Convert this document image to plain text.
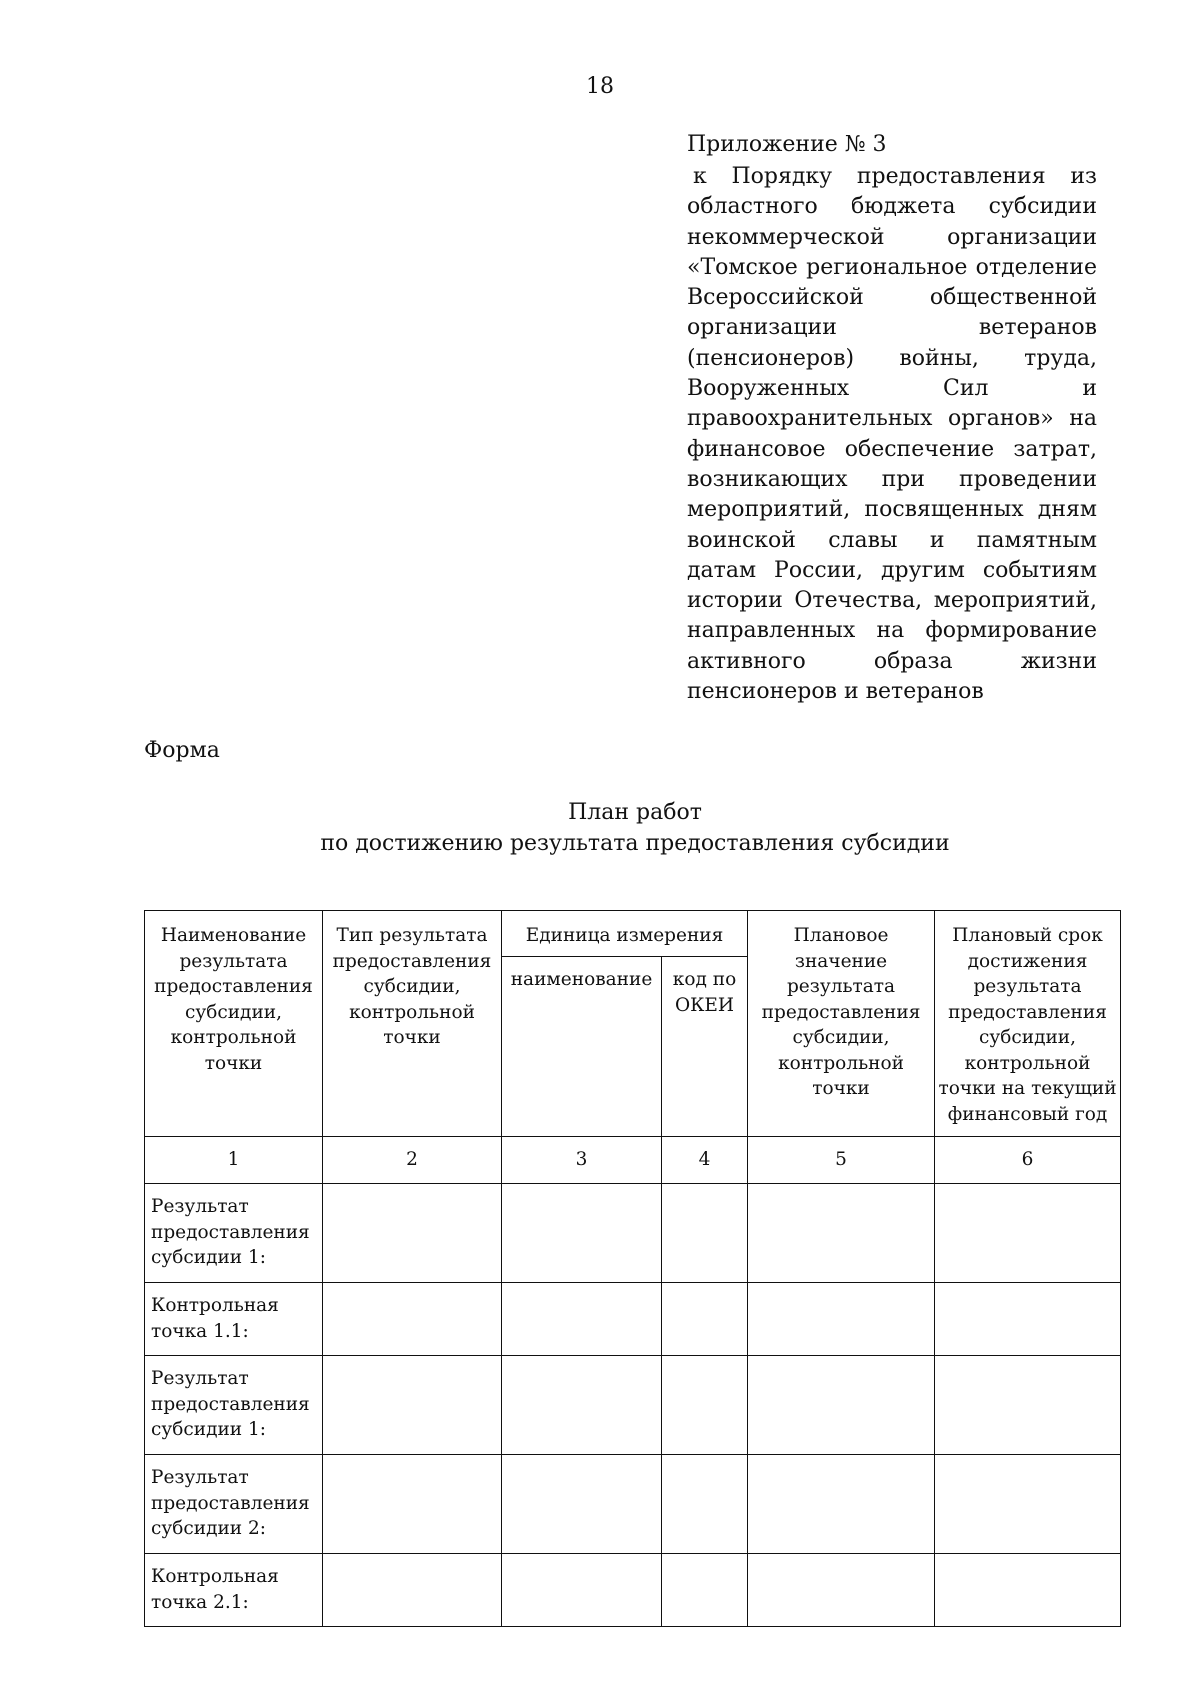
18
Приложение № 3
к Порядку предоставления из областного бюджета субсидии некоммерческой организации «Томское региональное отделение Всероссийской общественной организации ветеранов (пенсионеров) войны, труда, Вооруженных Сил и правоохранительных органов» на финансовое обеспечение затрат, возникающих при проведении мероприятий, посвященных дням воинской славы и памятным датам России, другим событиям истории Отечества, мероприятий, направленных на формирование активного образа жизни пенсионеров и ветеранов
Форма
План работ
по достижению результата предоставления субсидии
Наименование результата предоставления субсидии, контрольной точки	Тип результата предоставления субсидии, контрольной точки	Единица измерения		Плановое значение результата предоставления субсидии, контрольной точки	Плановый срок достижения результата предоставления субсидии, контрольной точки на текущий финансовый год
		наименование	код по ОКЕИ		
1	2	3	4	5	6
Результат предоставления субсидии 1:					
Контрольная точка 1.1:					
Результат предоставления субсидии 1:					
Результат предоставления субсидии 2:					
Контрольная точка 2.1:					
